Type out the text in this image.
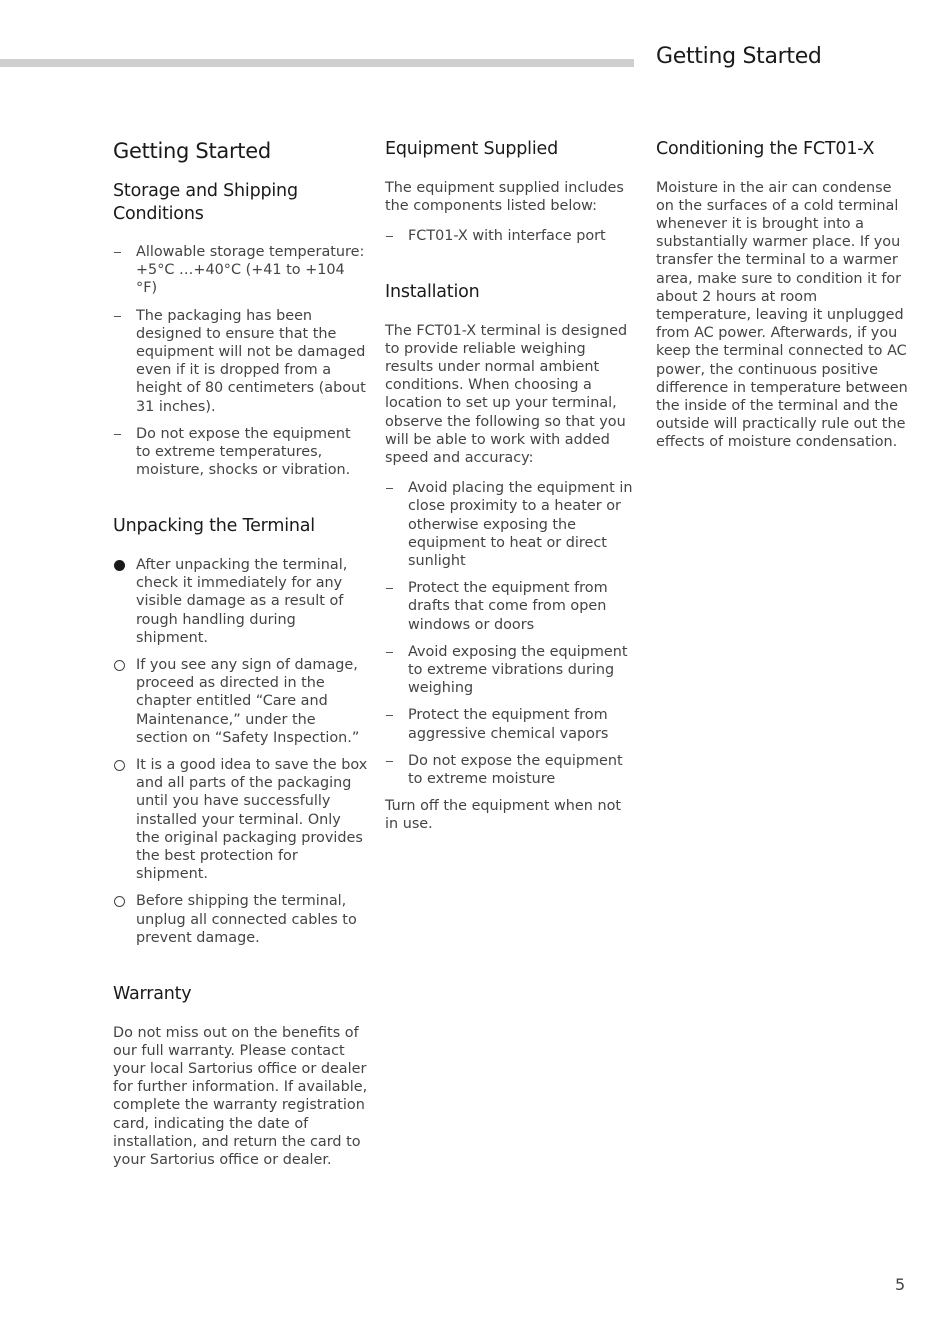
Getting Started
Getting Started
Storage and Shipping Conditions
Allowable storage temperature: +5°C …+40°C (+41 to +104 °F)
The packaging has been designed to ensure that the equipment will not be damaged even if it is dropped from a height of 80 centimeters (about 31 inches).
Do not expose the equipment to extreme temperatures, moisture, shocks or vibration.
Unpacking the Terminal
After unpacking the terminal, check it immediately for any visible damage as a result of rough handling during shipment.
If you see any sign of damage, proceed as directed in the chapter entitled “Care and Maintenance,” under the section on “Safety Inspection.”
It is a good idea to save the box and all parts of the packaging until you have successfully installed your terminal. Only the original packaging provides the best protection for shipment.
Before shipping the terminal, unplug all connected cables to prevent damage.
Warranty

Do not miss out on the benefits of our full warranty. Please contact your local Sartorius office or dealer for further information. If available, complete the warranty registration card, indicating the date of installation, and return the card to your Sartorius office or dealer.

Equipment Supplied

The equipment supplied includes the components listed below:

FCT01-X with interface port
Installation

The FCT01-X terminal is designed to provide reliable weighing results under normal ambient conditions. When choosing a location to set up your terminal, observe the following so that you will be able to work with added speed and accuracy:

Avoid placing the equipment in close proximity to a heater or otherwise exposing the equipment to heat or direct sunlight
Protect the equipment from drafts that come from open windows or doors
Avoid exposing the equipment to extreme vibrations during weighing
Protect the equipment from aggressive chemical vapors
Do not expose the equipment to extreme moisture

Turn off the equipment when not in use.

Conditioning the FCT01-X

Moisture in the air can condense on the surfaces of a cold terminal whenever it is brought into a substantially warmer place. If you transfer the terminal to a warmer area, make sure to condition it for about 2 hours at room temperature, leaving it unplugged from AC power. Afterwards, if you keep the terminal connected to AC power, the continuous positive difference in temperature between the inside of the terminal and the outside will practically rule out the effects of moisture condensation.

5
